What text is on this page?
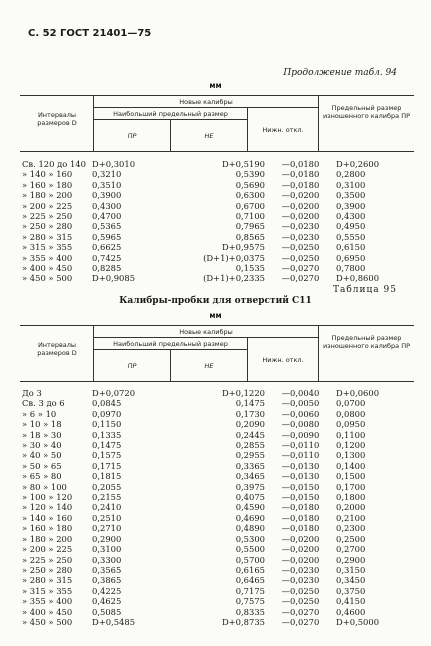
С. 52 ГОСТ 21401—75
Продолжение табл. 94
мм
Интервалы размеров D
Новые калибры
Наибольший предельный размер
ПР	НЕ
Нижн. откл.
Предельный размер изношенного калибра ПР
Св. 120 до 140	D+0,3010	D+0,5190	—0,0180	D+0,2600
» 140 » 160	0,3210	0,5390	—0,0180	0,2800
» 160 » 180	0,3510	0,5690	—0,0180	0,3100
» 180 » 200	0,3900	0,6300	—0,0200	0,3500
» 200 » 225	0,4300	0,6700	—0,0200	0,3900
» 225 » 250	0,4700	0,7100	—0,0200	0,4300
» 250 » 280	0,5365	0,7965	—0,0230	0,4950
» 280 » 315	0,5965	0,8565	—0,0230	0,5550
» 315 » 355	0,6625	D+0,9575	—0,0250	0,6150
» 355 » 400	0,7425	(D+1)+0,0375	—0,0250	0,6950
» 400 » 450	0,8285	0,1535	—0,0270	0,7800
» 450 » 500	D+0,9085	(D+1)+0,2335	—0,0270	D+0,8600
Таблица 95
Калибры-пробки для отверстий С11
мм
Интервалы размеров D
Новые калибры
Наибольший предельный размер
ПР	НЕ
Нижн. откл.
Предельный размер изношенного калибра ПР
До 3	D+0,0720	D+0,1220	—0,0040	D+0,0600
Св. 3 до 6	0,0845	0,1475	—0,0050	0,0700
» 6 » 10	0,0970	0,1730	—0,0060	0,0800
» 10 » 18	0,1150	0,2090	—0,0080	0,0950
» 18 » 30	0,1335	0,2445	—0,0090	0,1100
» 30 » 40	0,1475	0,2855	—0,0110	0,1200
» 40 » 50	0,1575	0,2955	—0,0110	0,1300
» 50 » 65	0,1715	0,3365	—0,0130	0,1400
» 65 » 80	0,1815	0,3465	—0,0130	0,1500
» 80 » 100	0,2055	0,3975	—0,0150	0,1700
» 100 » 120	0,2155	0,4075	—0,0150	0,1800
» 120 » 140	0,2410	0,4590	—0,0180	0,2000
» 140 » 160	0,2510	0,4690	—0,0180	0,2100
» 160 » 180	0,2710	0,4890	—0,0180	0,2300
» 180 » 200	0,2900	0,5300	—0,0200	0,2500
» 200 » 225	0,3100	0,5500	—0,0200	0,2700
» 225 » 250	0,3300	0,5700	—0,0200	0,2900
» 250 » 280	0,3565	0,6165	—0,0230	0,3150
» 280 » 315	0,3865	0,6465	—0,0230	0,3450
» 315 » 355	0,4225	0,7175	—0,0250	0,3750
» 355 » 400	0,4625	0,7575	—0,0250	0,4150
» 400 » 450	0,5085	0,8335	—0,0270	0,4600
» 450 » 500	D+0,5485	D+0,8735	—0,0270	D+0,5000
